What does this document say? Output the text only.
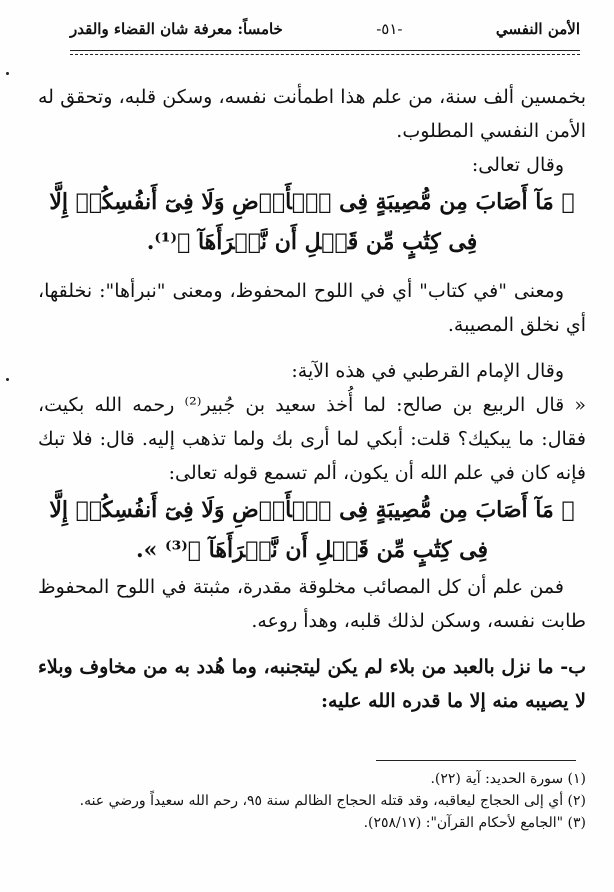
الأمن النفسي
-٥١-
خامساً: معرفة شان القضاء والقدر

بخمسين ألف سنة، من علم هذا اطمأنت نفسه، وسكن قلبه، وتحقق له الأمن النفسي المطلوب.

وقال تعالى:

﴿ مَآ أَصَابَ مِن مُّصِيبَةٍ فِى ٱلۡأَرۡضِ وَلَا فِىٓ أَنفُسِكُمۡ إِلَّا فِى كِتَٰبٍ مِّن قَبۡلِ أَن نَّبۡرَأَهَآ ﴾⁽¹⁾.

ومعنى "في كتاب" أي في اللوح المحفوظ، ومعنى "نبرأها": نخلقها، أي نخلق المصيبة.

وقال الإمام القرطبي في هذه الآية:

« قال الربيع بن صالح: لما أُخذ سعيد بن جُبير⁽²⁾ رحمه الله بكيت، فقال: ما يبكيك؟ قلت: أبكي لما أرى بك ولما تذهب إليه. قال: فلا تبك فإنه كان في علم الله أن يكون، ألم تسمع قوله تعالى:

﴿ مَآ أَصَابَ مِن مُّصِيبَةٍ فِى ٱلۡأَرۡضِ وَلَا فِىٓ أَنفُسِكُمۡ إِلَّا فِى كِتَٰبٍ مِّن قَبۡلِ أَن نَّبۡرَأَهَآ ﴾⁽³⁾ ».

فمن علم أن كل المصائب مخلوقة مقدرة، مثبتة في اللوح المحفوظ طابت نفسه، وسكن لذلك قلبه، وهدأ روعه.

ب- ما نزل بالعبد من بلاء لم يكن ليتجنبه، وما هُدد به من مخاوف وبلاء لا يصيبه منه إلا ما قدره الله عليه:

(١) سورة الحديد: آية (٢٢).

(٢) أي إلى الحجاج ليعاقبه، وقد قتله الحجاج الظالم سنة ٩٥، رحم الله سعيداً ورضي عنه.

(٣) "الجامع لأحكام القرآن": (٢٥٨/١٧).
